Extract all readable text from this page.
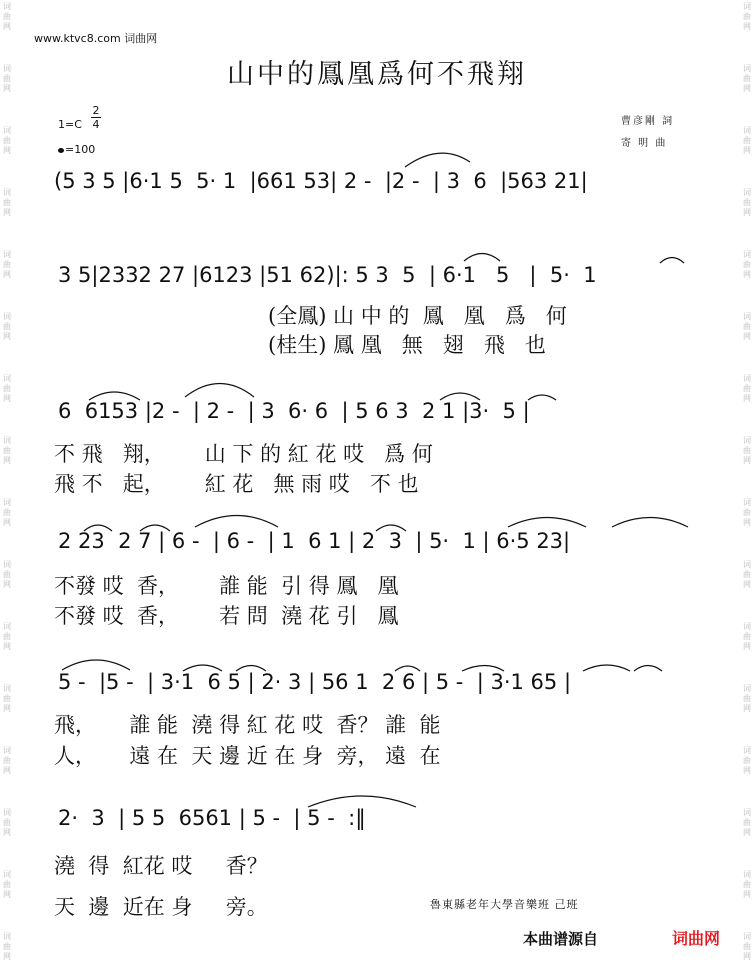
词
曲
网
词
曲
网
词
曲
网
词
曲
网
词
曲
网
词
曲
网
词
曲
网
词
曲
网
词
曲
网
词
曲
网
词
曲
网
词
曲
网
词
曲
网
词
曲
网
词
曲
网
词
曲
网
词
曲
网
词
曲
网
词
曲
网
词
曲
网
词
曲
网
词
曲
网
词
曲
网
词
曲
网
词
曲
网
词
曲
网
词
曲
网
词
曲
网
词
曲
网
词
曲
网
词
曲
网
词
曲
网
www.ktvc8.com 词曲网
山中的鳳凰爲何不飛翔
1=C
2
4
=100
曹彦剛 詞
寄 明 曲
(5 3 5 |6·1 5  5· 1  |661 53| 2 -  |2 -  | 3  6  |563 21|
3 5|2332 27 |6123 |51 62)|: 5 3  5  | 6·1   5   |  5·  1
6  6153 |2 -  | 2 -  | 3  6· 6  | 5 6 3  2 1 |3·  5 |
2 23  2 7 | 6 -  | 6 -  | 1  6 1 | 2  3  | 5·  1 | 6·5 23|
5 -  |5 -  | 3·1  6 5 | 2· 3 | 56 1  2 6 | 5 -  | 3·1 65 |
2·  3  | 5 5  6561 | 5 -  | 5 -  :‖
(全鳳) 山 中 的  鳳   凰   爲   何
(桂生) 鳳 凰   無   翅   飛   也
不 飛   翔，      山 下 的 紅 花 哎   爲 何
飛 不   起，      紅 花   無 雨 哎   不 也
不發 哎  香，      誰 能  引 得 鳳   凰
不發 哎  香，      若 問  澆 花 引   鳳
飛，     誰 能  澆 得 紅 花 哎  香？ 誰  能
人，     遠 在  天 邊 近 在 身  旁， 遠  在
澆  得  紅花 哎     香？
天  邊  近在 身     旁。	魯東縣老年大學音樂班 己班
本曲谱源自	词曲网
